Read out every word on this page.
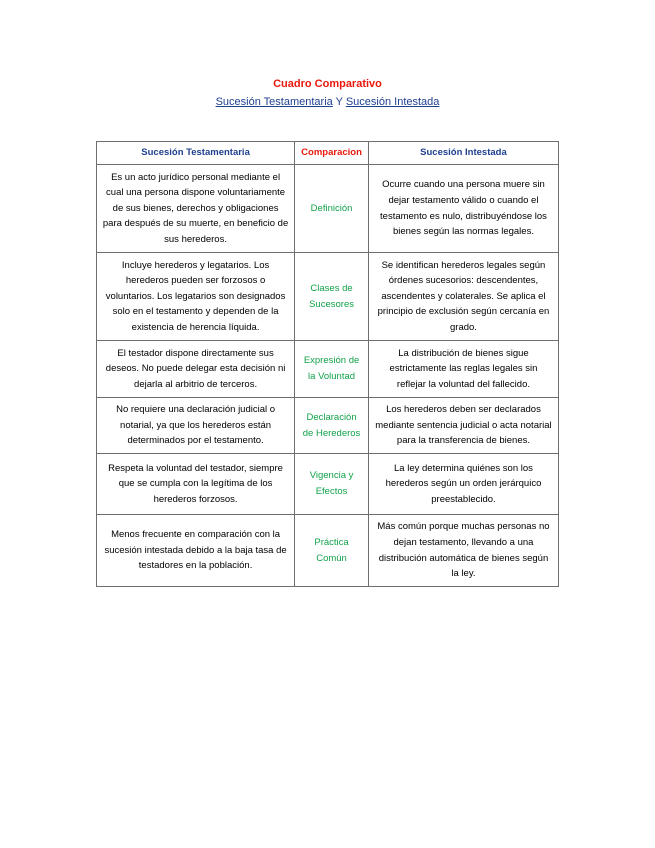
Cuadro Comparativo
Sucesión Testamentaria Y Sucesión Intestada
Sucesión Testamentaria	Comparacion	Sucesión Intestada
Es un acto jurídico personal mediante el cual una persona dispone voluntariamente de sus bienes, derechos y obligaciones para después de su muerte, en beneficio de sus herederos.	Definición	Ocurre cuando una persona muere sin dejar testamento válido o cuando el testamento es nulo, distribuyéndose los bienes según las normas legales.
Incluye herederos y legatarios. Los herederos pueden ser forzosos o voluntarios. Los legatarios son designados solo en el testamento y dependen de la existencia de herencia líquida.	Clases de Sucesores	Se identifican herederos legales según órdenes sucesorios: descendentes, ascendentes y colaterales. Se aplica el principio de exclusión según cercanía en grado.
El testador dispone directamente sus deseos. No puede delegar esta decisión ni dejarla al arbitrio de terceros.	Expresión de la Voluntad	La distribución de bienes sigue estrictamente las reglas legales sin reflejar la voluntad del fallecido.
No requiere una declaración judicial o notarial, ya que los herederos están determinados por el testamento.	Declaración de Herederos	Los herederos deben ser declarados mediante sentencia judicial o acta notarial para la transferencia de bienes.
Respeta la voluntad del testador, siempre que se cumpla con la legítima de los herederos forzosos.	Vigencia y Efectos	La ley determina quiénes son los herederos según un orden jerárquico preestablecido.
Menos frecuente en comparación con la sucesión intestada debido a la baja tasa de testadores en la población.	Práctica Común	Más común porque muchas personas no dejan testamento, llevando a una distribución automática de bienes según la ley.
